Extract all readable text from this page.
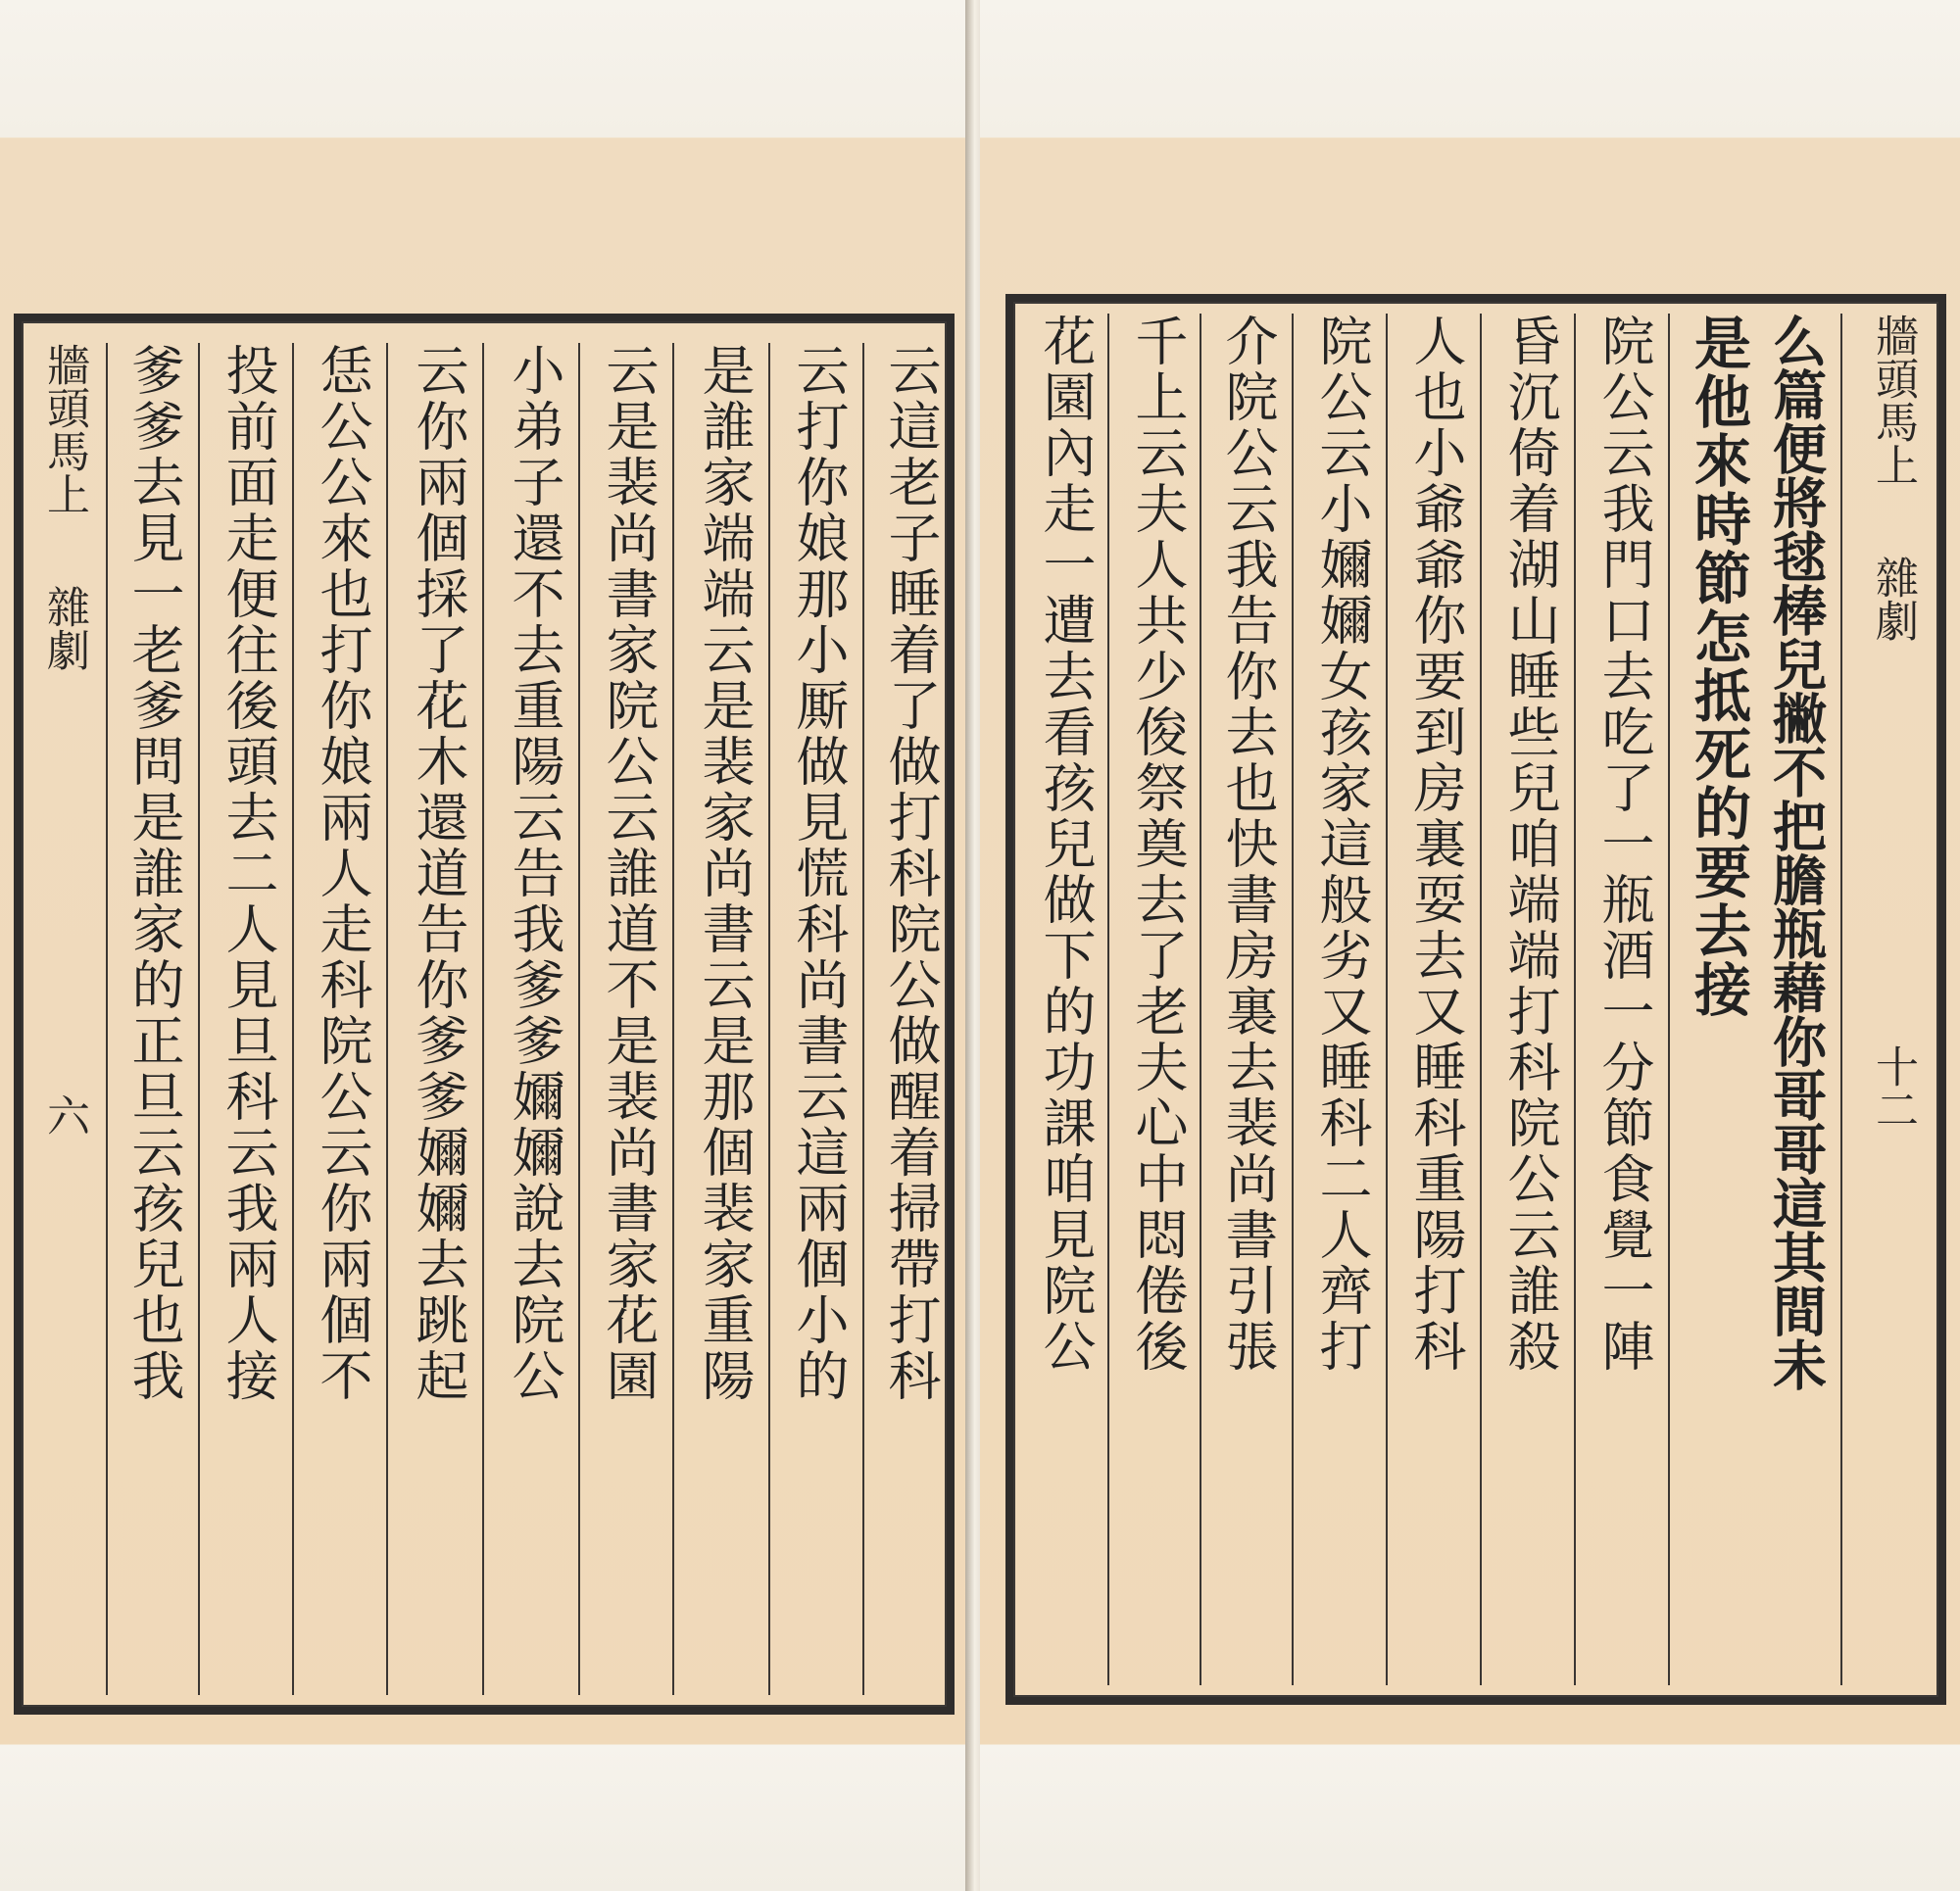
牆頭馬上 雜劇 六 爹爹去見一老爹問是誰家的正旦云孩兒也我 投前面走便往後頭去二人見旦科云我兩人接 恁公公來也打你娘兩人走科院公云你兩個不 云你兩個採了花木還道告你爹爹嬭嬭去跳起 小弟子還不去重陽云告我爹爹嬭嬭說去院公 云是裴尚書家院公云誰道不是裴尚書家花園 是誰家端端云是裴家尚書云是那個裴家重陽 云打你娘那小厮做見慌科尚書云這兩個小的 云這老子睡着了做打科院公做醒着掃帶打科 花園內走一遭去看孩兒做下的功課咱見院公 千上云夫人共少俊祭奠去了老夫心中悶倦後 介院公云我告你去也快書房裏去裴尚書引張 院公云小嬭嬭女孩家這般劣又睡科二人齊打 人也小爺爺你要到房裏耍去又睡科重陽打科 昏沉倚着湖山睡些兒咱端端打科院公云誰殺 院公云我門口去吃了一瓶酒一分節食覺一陣 是他來時節怎抵死的要去接 么篇便將毬棒兒撇不把膽瓶藉你哥哥這其間未 牆頭馬上 雜劇 十二
